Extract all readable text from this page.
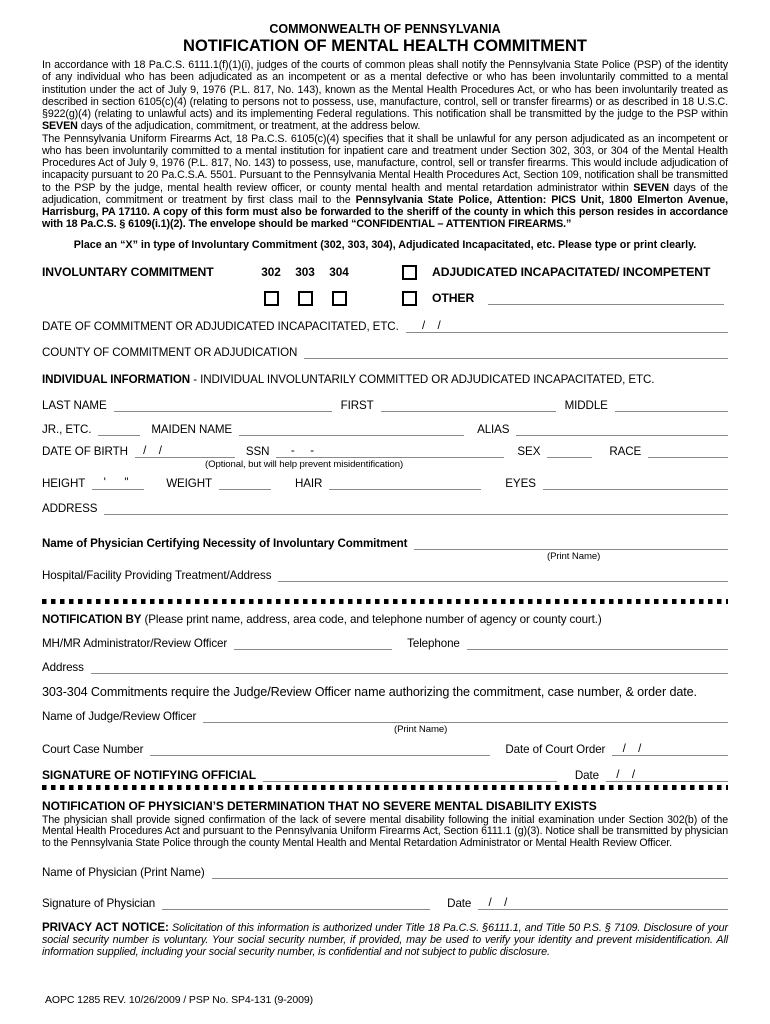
COMMONWEALTH OF PENNSYLVANIA
NOTIFICATION OF MENTAL HEALTH COMMITMENT

In accordance with 18 Pa.C.S. 6111.1(f)(1)(i), judges of the courts of common pleas shall notify the Pennsylvania State Police (PSP) of the identity of any individual who has been adjudicated as an incompetent or as a mental defective or who has been involuntarily committed to a mental institution under the act of July 9, 1976 (P.L. 817, No. 143), known as the Mental Health Procedures Act, or who has been involuntarily treated as described in section 6105(c)(4) (relating to persons not to possess, use, manufacture, control, sell or transfer firearms) or as described in 18 U.S.C. §922(g)(4) (relating to unlawful acts) and its implementing Federal regulations. This notification shall be transmitted by the judge to the PSP within SEVEN days of the adjudication, commitment, or treatment, at the address below.

The Pennsylvania Uniform Firearms Act, 18 Pa.C.S. 6105(c)(4) specifies that it shall be unlawful for any person adjudicated as an incompetent or who has been involuntarily committed to a mental institution for inpatient care and treatment under Section 302, 303, or 304 of the Mental Health Procedures Act of July 9, 1976 (P.L. 817, No. 143) to possess, use, manufacture, control, sell or transfer firearms. This would include adjudication of incapacity pursuant to 20 Pa.C.S.A. 5501. Pursuant to the Pennsylvania Mental Health Procedures Act, Section 109, notification shall be transmitted to the PSP by the judge, mental health review officer, or county mental health and mental retardation administrator within SEVEN days of the adjudication, commitment or treatment by first class mail to the Pennsylvania State Police, Attention: PICS Unit, 1800 Elmerton Avenue, Harrisburg, PA 17110. A copy of this form must also be forwarded to the sheriff of the county in which this person resides in accordance with 18 Pa.C.S. § 6109(i.1)(2). The envelope should be marked “CONFIDENTIAL – ATTENTION FIREARMS.”

Place an “X” in type of Involuntary Commitment (302, 303, 304), Adjudicated Incapacitated, etc. Please type or print clearly.
INVOLUNTARY COMMITMENT	302	303	304	ADJUDICATED INCAPACITATED/ INCOMPETENT
OTHER
DATE OF COMMITMENT OR ADJUDICATED INCAPACITATED, ETC.	/    /
COUNTY OF COMMITMENT OR ADJUDICATION
INDIVIDUAL INFORMATION - INDIVIDUAL INVOLUNTARILY COMMITTED OR ADJUDICATED INCAPACITATED, ETC.
LAST NAME	FIRST	MIDDLE
JR., ETC.	MAIDEN NAME	ALIAS
DATE OF BIRTH /    /	SSN -     -	SEX	RACE
(Optional, but will help prevent misidentification)
HEIGHT '      "	WEIGHT	HAIR	EYES
ADDRESS
Name of Physician Certifying Necessity of Involuntary Commitment
(Print Name)
Hospital/Facility Providing Treatment/Address
NOTIFICATION BY (Please print name, address, area code, and telephone number of agency or county court.)
MH/MR Administrator/Review Officer	Telephone
Address
303-304 Commitments require the Judge/Review Officer name authorizing the commitment, case number, & order date.
Name of Judge/Review Officer
(Print Name)
Court Case Number	Date of Court Order /    /
SIGNATURE OF NOTIFYING OFFICIAL	Date /    /
NOTIFICATION OF PHYSICIAN’S DETERMINATION THAT NO SEVERE MENTAL DISABILITY EXISTS
The physician shall provide signed confirmation of the lack of severe mental disability following the initial examination under Section 302(b) of the Mental Health Procedures Act and pursuant to the Pennsylvania Uniform Firearms Act, Section 6111.1 (g)(3). Notice shall be transmitted by physician to the Pennsylvania State Police through the county Mental Health and Mental Retardation Administrator or Mental Health Review Officer.
Name of Physician (Print Name)
Signature of Physician	Date /    /
PRIVACY ACT NOTICE: Solicitation of this information is authorized under Title 18 Pa.C.S. §6111.1, and Title 50 P.S. § 7109. Disclosure of your social security number is voluntary. Your social security number, if provided, may be used to verify your identity and prevent misidentification. All information supplied, including your social security number, is confidential and not subject to public disclosure.
AOPC 1285 REV. 10/26/2009 / PSP No. SP4-131 (9-2009)
